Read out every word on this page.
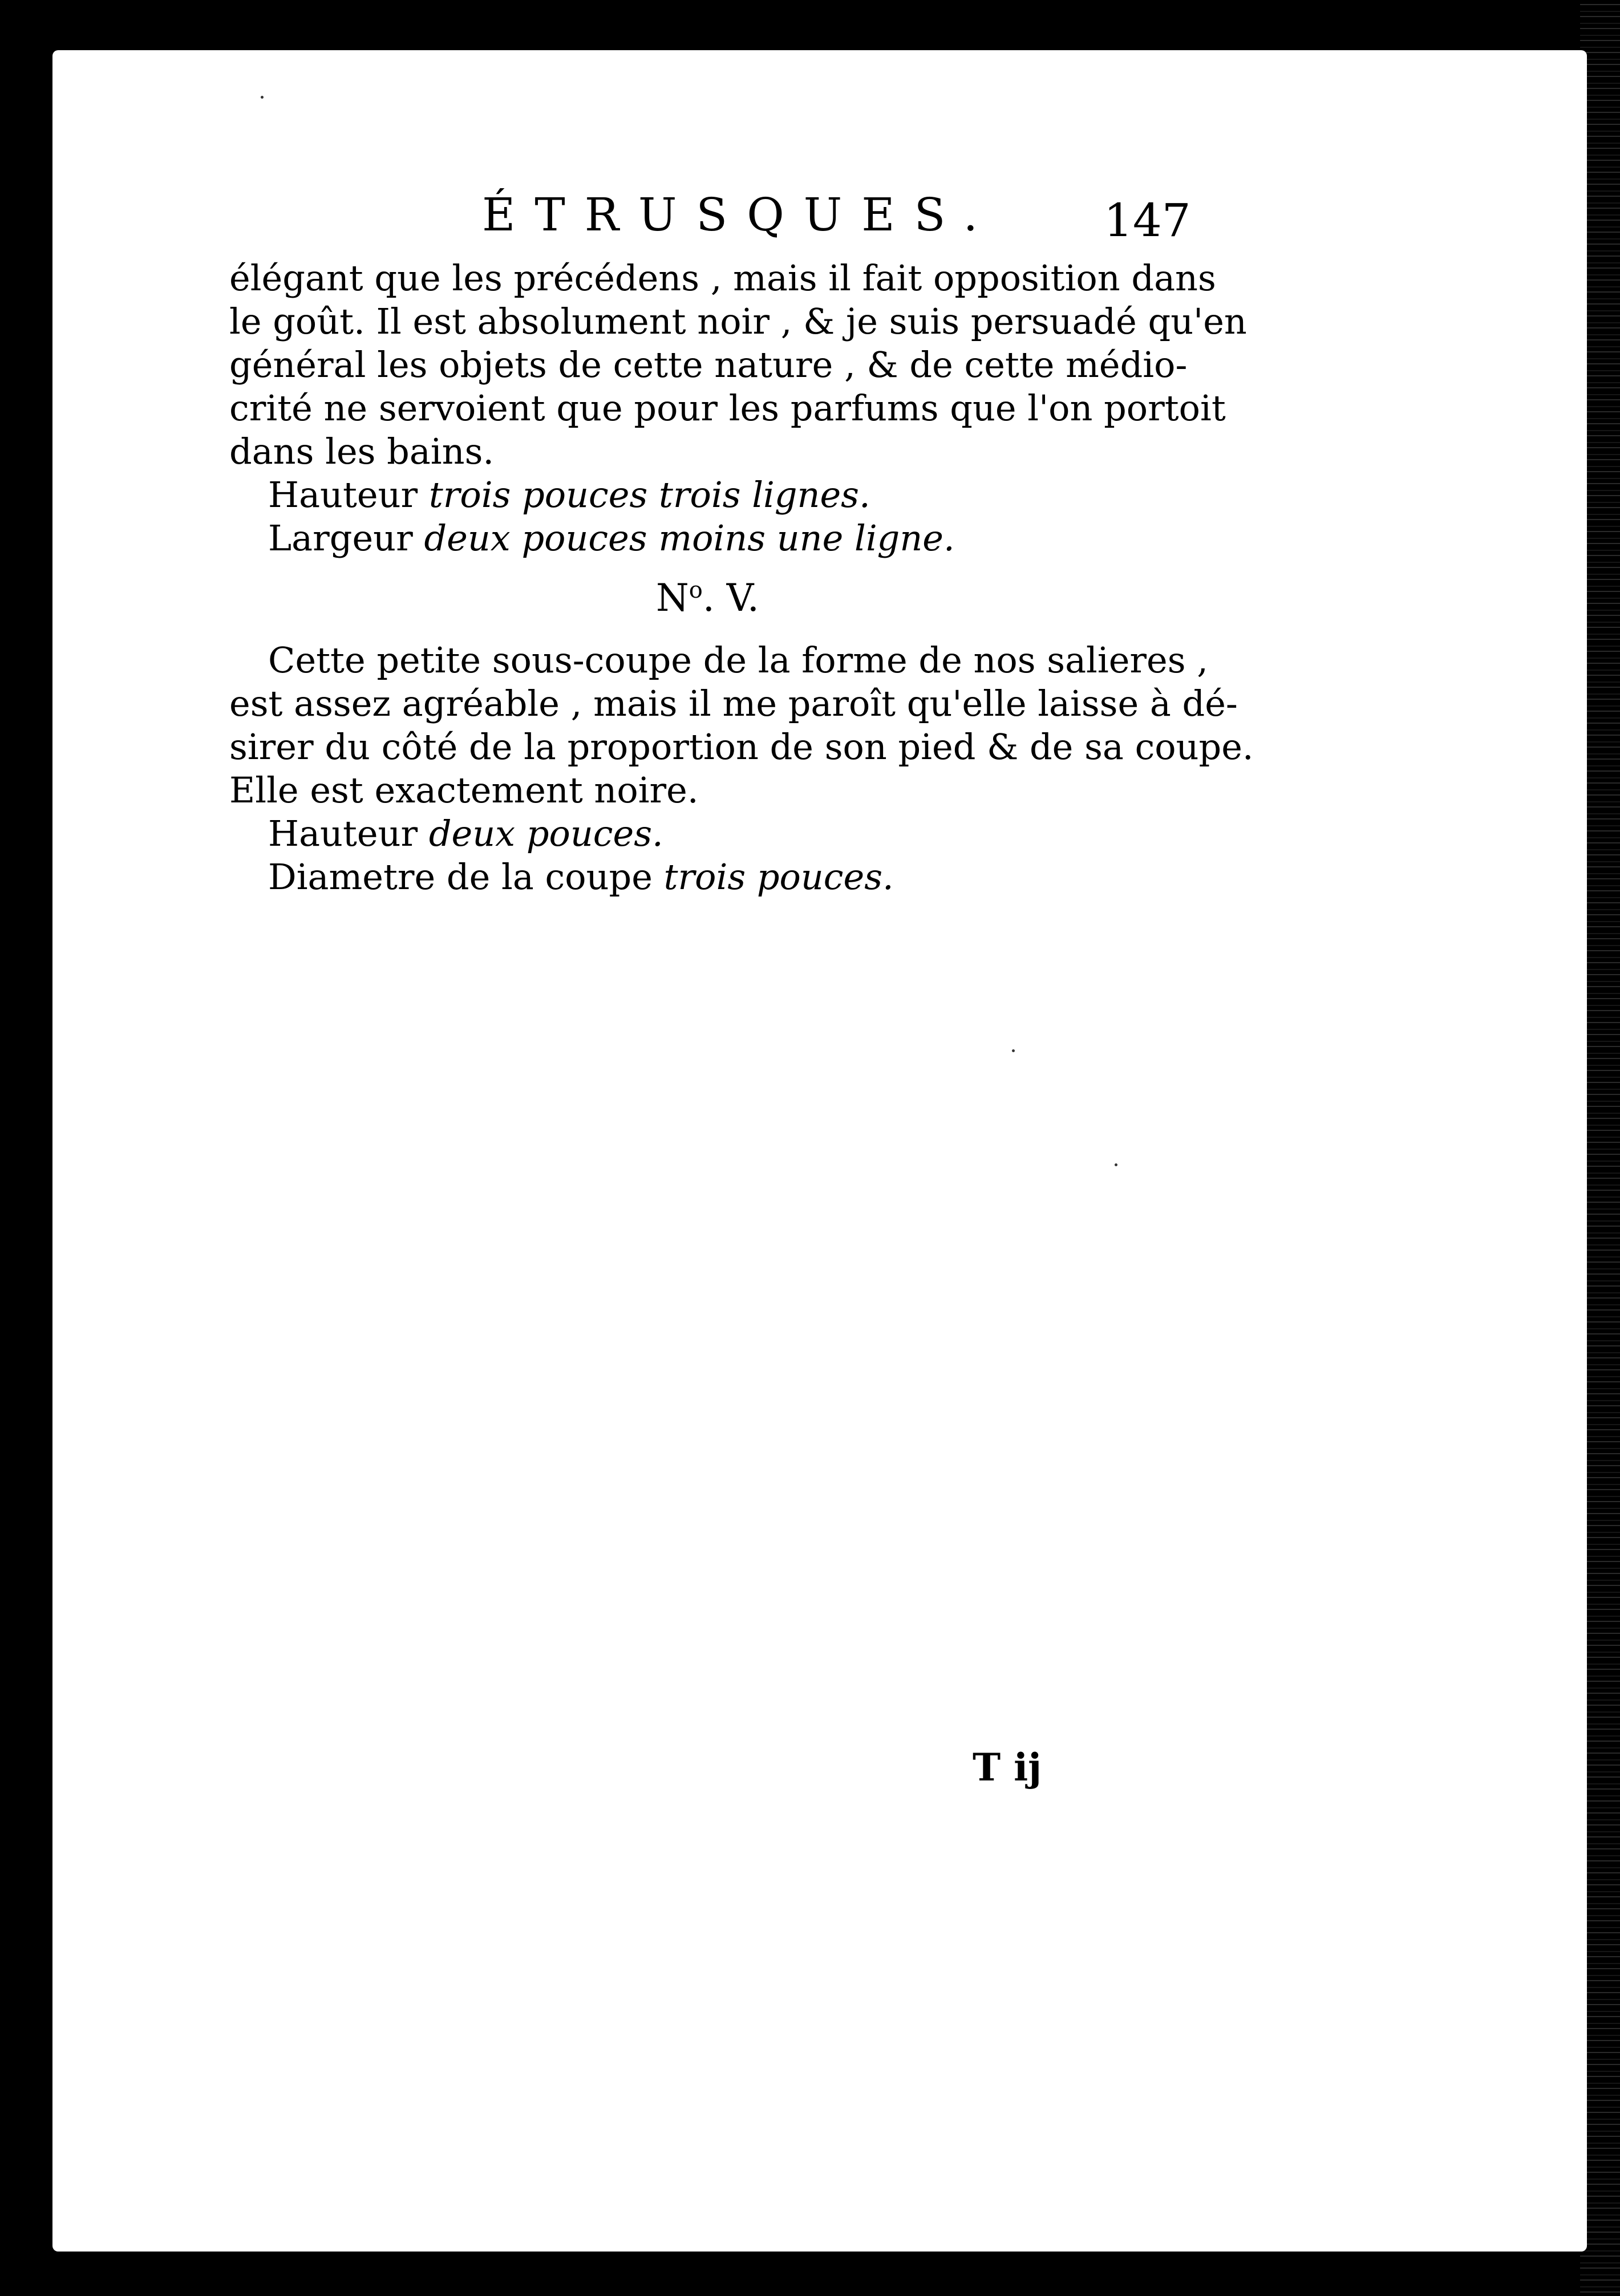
ÉTRUSQUES. 147
élégant que les précédens , mais il fait opposition dans
le goût. Il est absolument noir , & je suis persuadé qu'en
général les objets de cette nature , & de cette médio-
crité ne servoient que pour les parfums que l'on portoit
dans les bains.
Hauteur trois pouces trois lignes.
Largeur deux pouces moins une ligne.
$N^o$. V.
Cette petite sous-coupe de la forme de nos salieres ,
est assez agréable , mais il me paroît qu'elle laisse à dé-
sirer du côté de la proportion de son pied & de sa coupe.
Elle est exactement noire.
Hauteur deux pouces.
Diametre de la coupe trois pouces.
T ij
